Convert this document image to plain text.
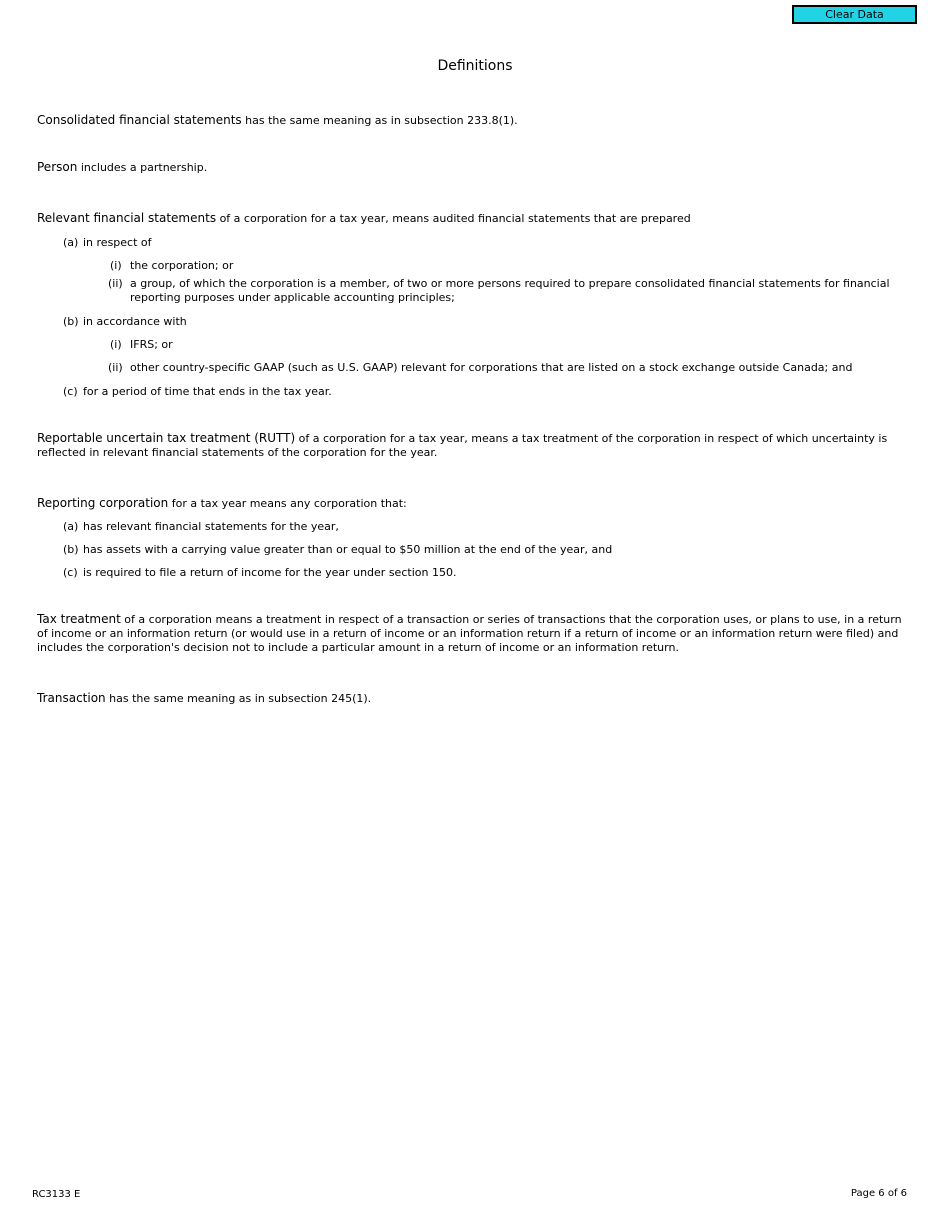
Clear Data
Definitions
Consolidated financial statements has the same meaning as in subsection 233.8(1).
Person includes a partnership.
Relevant financial statements of a corporation for a tax year, means audited financial statements that are prepared
(a) in respect of
(i) the corporation; or
(ii) a group, of which the corporation is a member, of two or more persons required to prepare consolidated financial statements for financial reporting purposes under applicable accounting principles;
(b) in accordance with
(i) IFRS; or
(ii) other country-specific GAAP (such as U.S. GAAP) relevant for corporations that are listed on a stock exchange outside Canada; and
(c) for a period of time that ends in the tax year.
Reportable uncertain tax treatment (RUTT) of a corporation for a tax year, means a tax treatment of the corporation in respect of which uncertainty is reflected in relevant financial statements of the corporation for the year.
Reporting corporation for a tax year means any corporation that:
(a) has relevant financial statements for the year,
(b) has assets with a carrying value greater than or equal to $50 million at the end of the year, and
(c) is required to file a return of income for the year under section 150.
Tax treatment of a corporation means a treatment in respect of a transaction or series of transactions that the corporation uses, or plans to use, in a return of income or an information return (or would use in a return of income or an information return if a return of income or an information return were filed) and includes the corporation's decision not to include a particular amount in a return of income or an information return.
Transaction has the same meaning as in subsection 245(1).
RC3133 E	Page 6 of 6
